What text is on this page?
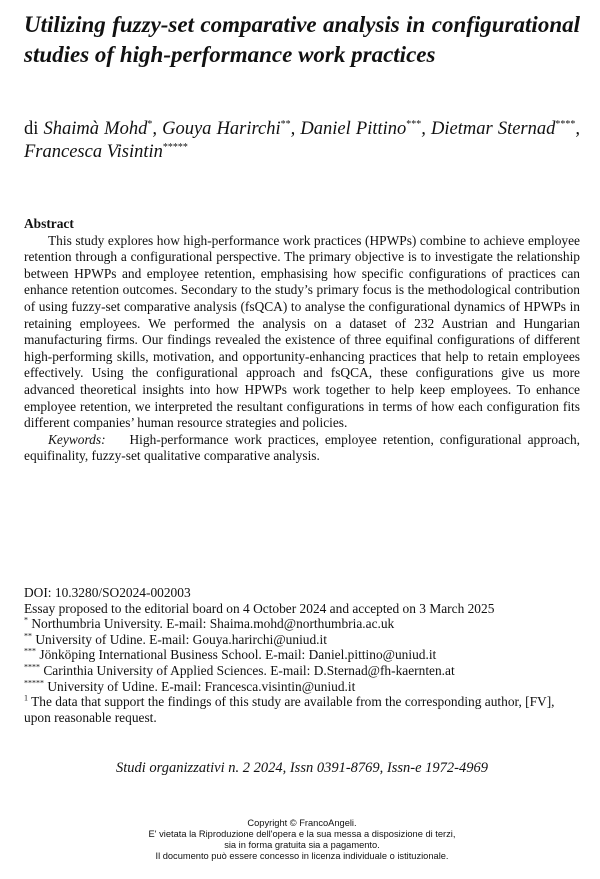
Utilizing fuzzy-set comparative analysis in configurational studies of high-performance work practices
di Shaimà Mohd*, Gouya Harirchi**, Daniel Pittino***, Dietmar Sternad****, Francesca Visintin*****
Abstract

This study explores how high-performance work practices (HPWPs) combine to achieve employee retention through a configurational perspective. The primary objective is to investigate the relationship between HPWPs and employee retention, emphasising how specific configurations of practices can enhance retention outcomes. Secondary to the study’s primary focus is the methodological contribution of using fuzzy-set comparative analysis (fsQCA) to analyse the configurational dynamics of HPWPs in retaining employees. We performed the analysis on a dataset of 232 Austrian and Hungarian manufacturing firms. Our findings revealed the existence of three equifinal configurations of different high-performing skills, motivation, and opportunity-enhancing practices that help to retain employees effectively. Using the configurational approach and fsQCA, these configurations give us more advanced theoretical insights into how HPWPs work together to help keep employees. To enhance employee retention, we interpreted the resultant configurations in terms of how each configuration fits different companies’ human resource strategies and policies.

Keywords: High-performance work practices, employee retention, configurational approach, equifinality, fuzzy-set qualitative comparative analysis.

DOI: 10.3280/SO2024-002003
Essay proposed to the editorial board on 4 October 2024 and accepted on 3 March 2025
* Northumbria University. E-mail: Shaima.mohd@northumbria.ac.uk
** University of Udine. E-mail: Gouya.harirchi@uniud.it
*** Jönköping International Business School. E-mail: Daniel.pittino@uniud.it
**** Carinthia University of Applied Sciences. E-mail: D.Sternad@fh-kaernten.at
***** University of Udine. E-mail: Francesca.visintin@uniud.it
$^1$ The data that support the findings of this study are available from the corresponding author, [FV], upon reasonable request.
Studi organizzativi n. 2 2024, Issn 0391-8769, Issn-e 1972-4969
Copyright © FrancoAngeli.
E' vietata la Riproduzione dell'opera e la sua messa a disposizione di terzi,
sia in forma gratuita sia a pagamento.
Il documento può essere concesso in licenza individuale o istituzionale.
